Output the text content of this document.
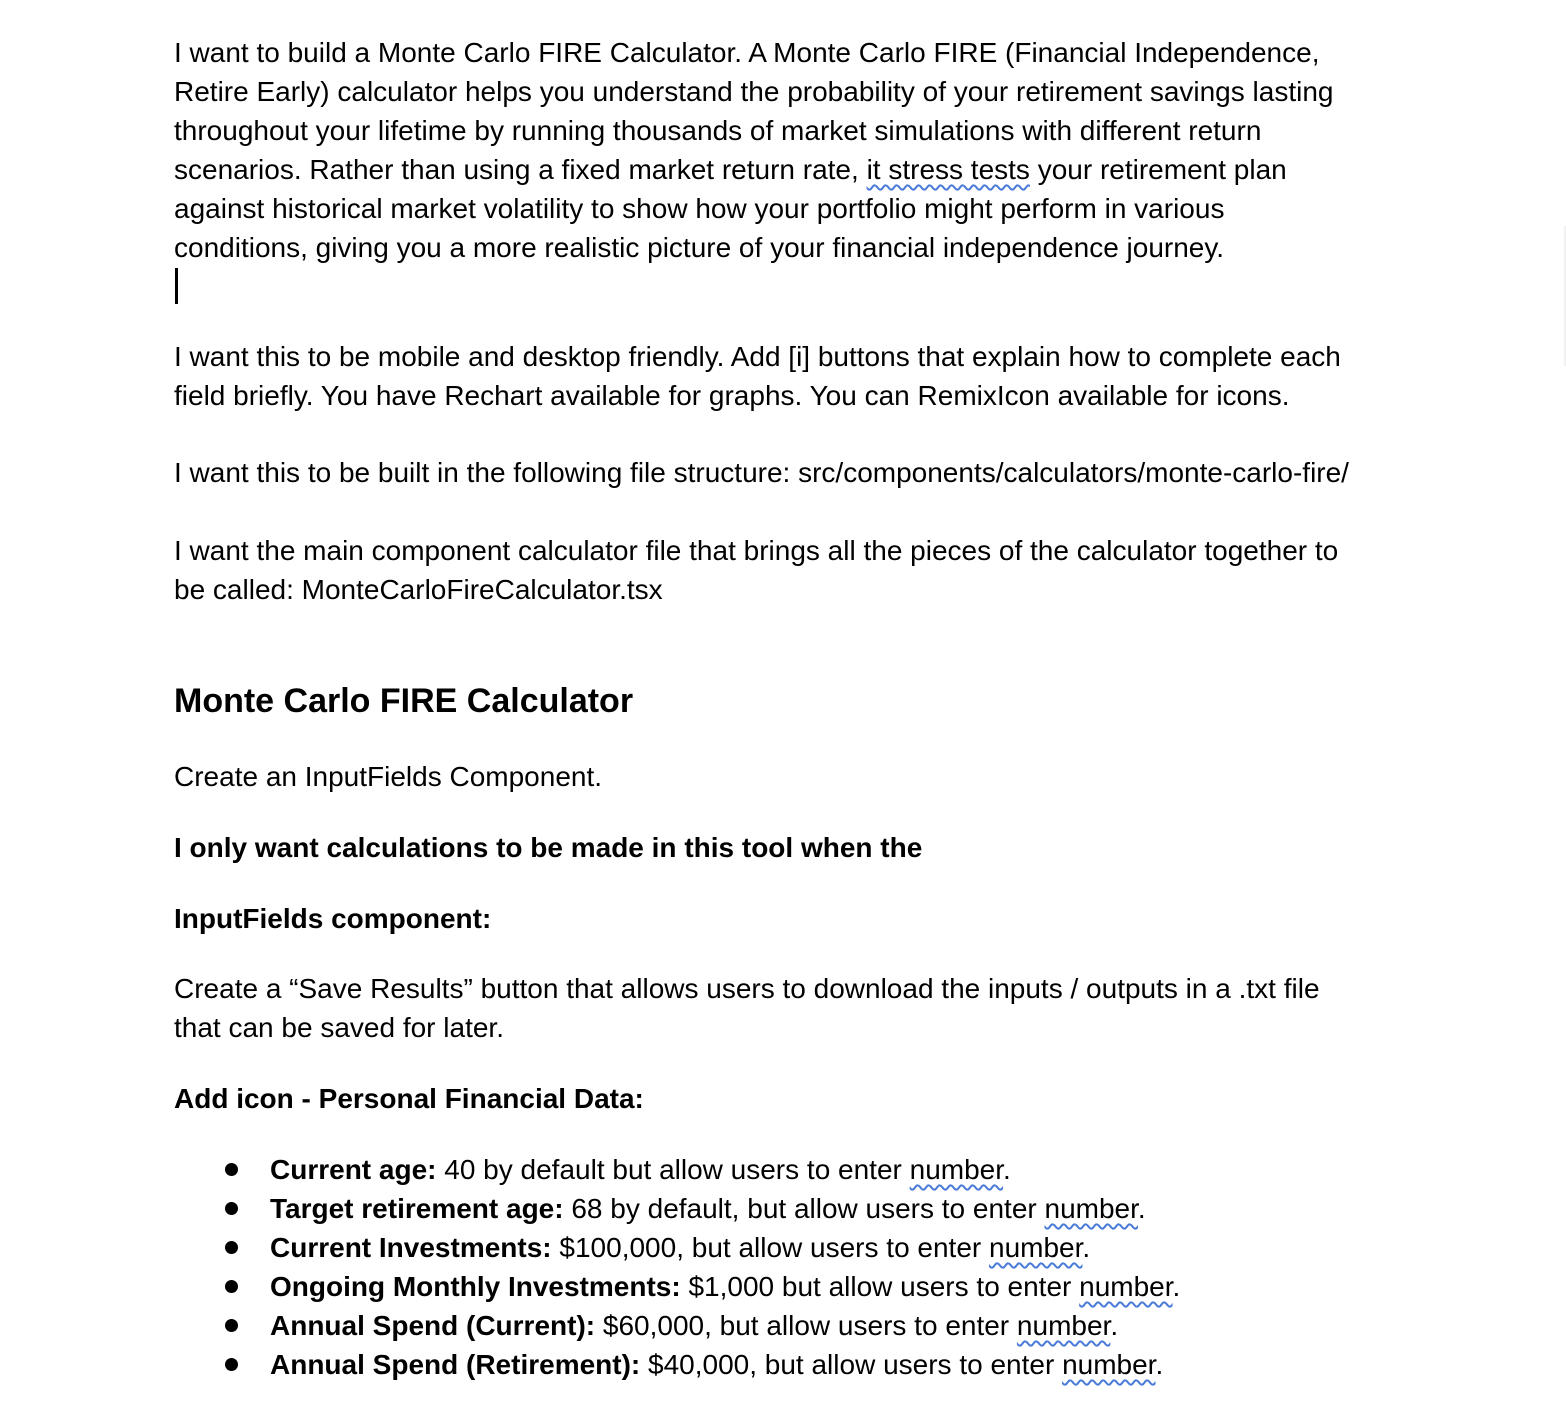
I want to build a Monte Carlo FIRE Calculator. A Monte Carlo FIRE (Financial Independence,

Retire Early) calculator helps you understand the probability of your retirement savings lasting

throughout your lifetime by running thousands of market simulations with different return

scenarios. Rather than using a fixed market return rate, it stress tests your retirement plan

against historical market volatility to show how your portfolio might perform in various

conditions, giving you a more realistic picture of your financial independence journey.

I want this to be mobile and desktop friendly. Add [i] buttons that explain how to complete each

field briefly. You have Rechart available for graphs. You can RemixIcon available for icons.

I want this to be built in the following file structure: src/components/calculators/monte-carlo-fire/

I want the main component calculator file that brings all the pieces of the calculator together to

be called: MonteCarloFireCalculator.tsx

Monte Carlo FIRE Calculator

Create an InputFields Component.

I only want calculations to be made in this tool when the

InputFields component:

Create a “Save Results” button that allows users to download the inputs / outputs in a .txt file

that can be saved for later.

Add icon - Personal Financial Data:

Current age: 40 by default but allow users to enter number.
Target retirement age: 68 by default, but allow users to enter number.
Current Investments: $100,000, but allow users to enter number.
Ongoing Monthly Investments: $1,000 but allow users to enter number.
Annual Spend (Current): $60,000, but allow users to enter number.
Annual Spend (Retirement): $40,000, but allow users to enter number.
